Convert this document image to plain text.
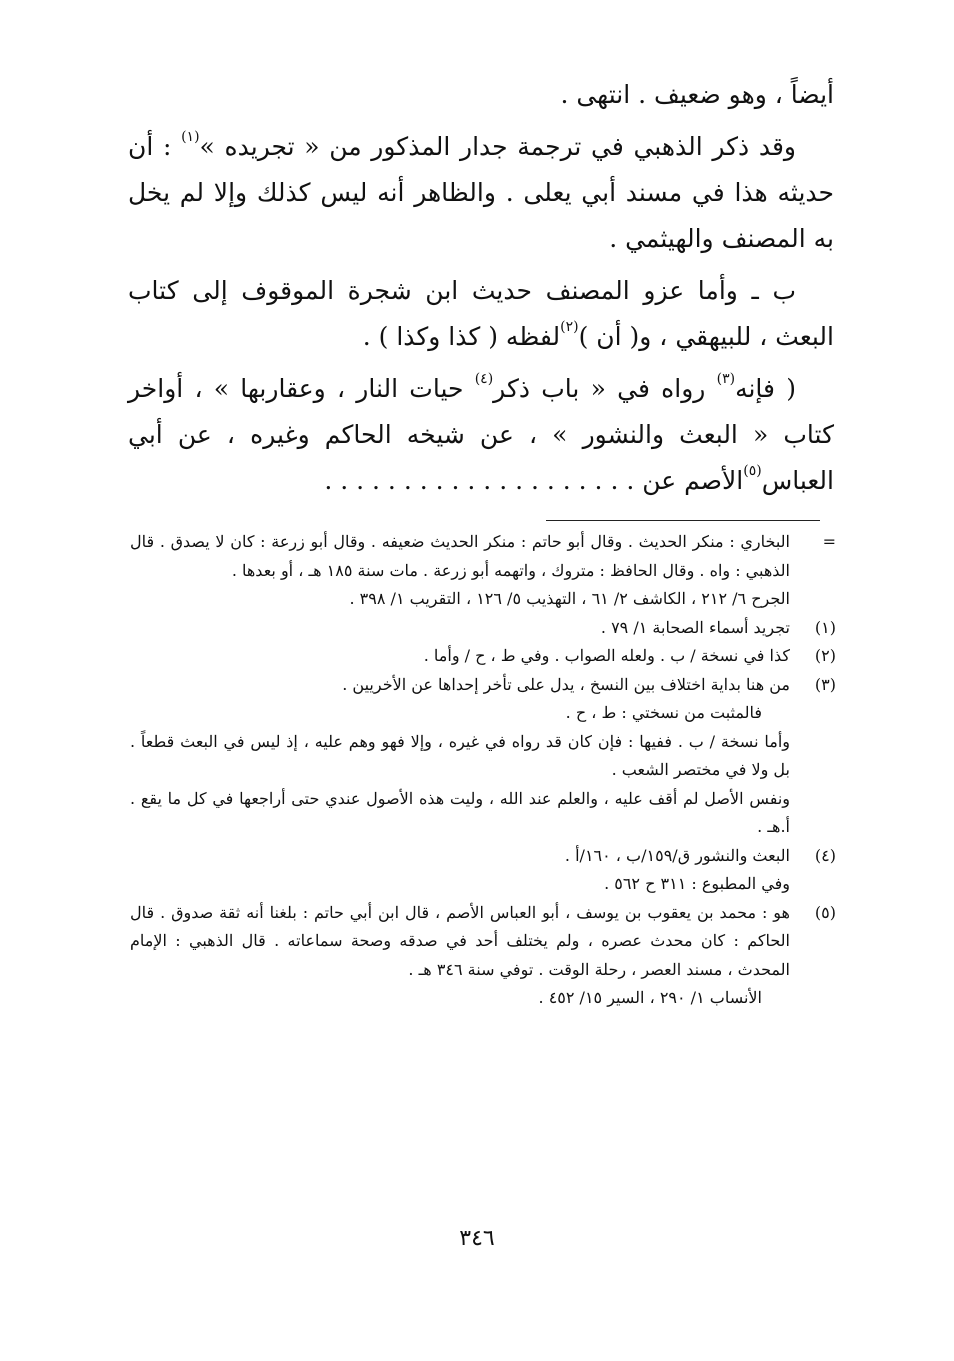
أيضاً ، وهو ضعيف . انتهى .

وقد ذكر الذهبي في ترجمة جدار المذكور من « تجريده »$^{(١)}$ : أن حديثه هذا في مسند أبي يعلى . والظاهر أنه ليس كذلك وإلا لم يخل به المصنف والهيثمي .

ب ـ وأما عزو المصنف حديث ابن شجرة الموقوف إلى كتاب البعث ، للبيهقي ، و( أن )$^{(٢)}$لفظه ( كذا وكذا ) .

( فإنه$^{(٣)}$ رواه في « باب ذكر$^{(٤)}$ حيات النار ، وعقاربها » ، أواخر كتاب « البعث والنشور » ، عن شيخه الحاكم وغيره ، عن أبي العباس$^{(٥)}$الأصم عن . . . . . . . . . . . . . . . . . . . .

=

البخاري : منكر الحديث . وقال أبو حاتم : منكر الحديث ضعيفه . وقال أبو زرعة : كان لا يصدق . قال الذهبي : واه . وقال الحافظ : متروك ، واتهمه أبو زرعة . مات سنة ١٨٥ هـ ، أو بعدها .

الجرح ٦/ ٢١٢ ، الكاشف ٢/ ٦١ ، التهذيب ٥/ ١٢٦ ، التقريب ١/ ٣٩٨ .

(١)

تجريد أسماء الصحابة ١/ ٧٩ .

(٢)

كذا في نسخة / ب . ولعله الصواب . وفي ط ، ح / وأما .

(٣)

من هنا بداية اختلاف بين النسخ ، يدل على تأخر إحداها عن الأخريين .

فالمثبت من نسختي : ط ، ح .

وأما نسخة / ب . ففيها : فإن كان قد رواه في غيره ، وإلا فهو وهم عليه ، إذ ليس في البعث قطعاً . بل ولا في مختصر الشعب .

ونفس الأصل لم أقف عليه ، والعلم عند الله ، وليت هذه الأصول عندي حتى أراجعها في كل ما يقع . أ.هـ .

(٤)

البعث والنشور ق/١٥٩/ب ، ١٦٠/أ .

وفي المطبوع : ٣١١ ح ٥٦٢ .

(٥)

هو : محمد بن يعقوب بن يوسف ، أبو العباس الأصم ، قال ابن أبي حاتم : بلغنا أنه ثقة صدوق . قال الحاكم : كان محدث عصره ، ولم يختلف أحد في صدقه وصحة سماعاته . قال الذهبي : الإمام المحدث ، مسند العصر ، رحلة الوقت . توفي سنة ٣٤٦ هـ .

الأنساب ١/ ٢٩٠ ، السير ١٥/ ٤٥٢ .

٣٤٦
